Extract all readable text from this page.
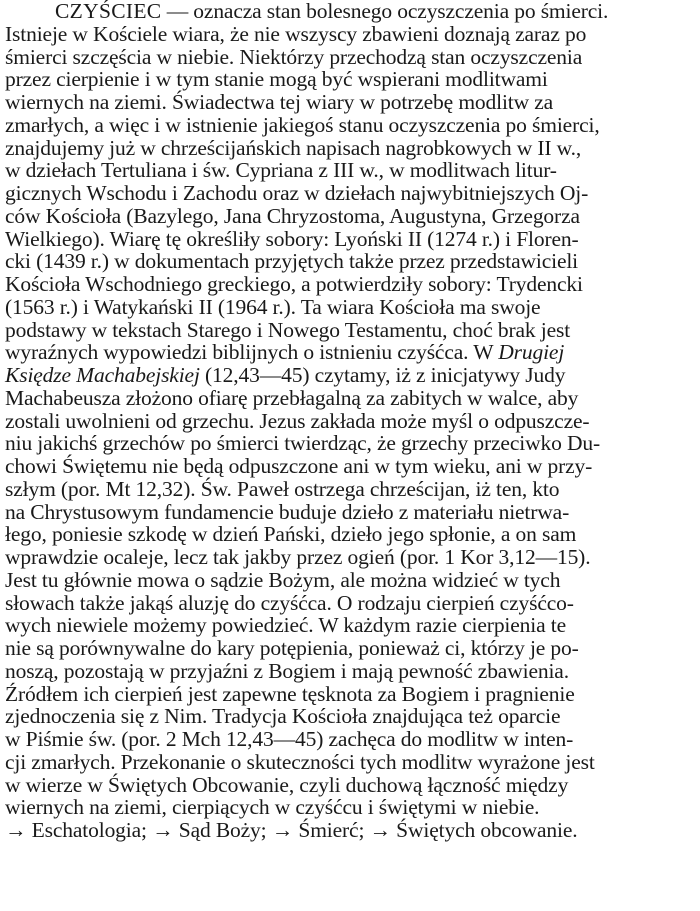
CZYŚCIEC — oznacza stan bolesnego oczyszczenia po śmierci.
Istnieje w Kościele wiara, że nie wszyscy zbawieni doznają zaraz po
śmierci szczęścia w niebie. Niektórzy przechodzą stan oczyszczenia
przez cierpienie i w tym stanie mogą być wspierani modlitwami
wiernych na ziemi. Świadectwa tej wiary w potrzebę modlitw za
zmarłych, a więc i w istnienie jakiegoś stanu oczyszczenia po śmierci,
znajdujemy już w chrześcijańskich napisach nagrobkowych w II w.,
w dziełach Tertuliana i św. Cypriana z III w., w modlitwach litur-
gicznych Wschodu i Zachodu oraz w dziełach najwybitniejszych Oj-
ców Kościoła (Bazylego, Jana Chryzostoma, Augustyna, Grzegorza
Wielkiego). Wiarę tę określiły sobory: Lyoński II (1274 r.) i Floren-
cki (1439 r.) w dokumentach przyjętych także przez przedstawicieli
Kościoła Wschodniego greckiego, a potwierdziły sobory: Trydencki
(1563 r.) i Watykański II (1964 r.). Ta wiara Kościoła ma swoje
podstawy w tekstach Starego i Nowego Testamentu, choć brak jest
wyraźnych wypowiedzi biblijnych o istnieniu czyśćca. W Drugiej
Księdze Machabejskiej (12,43—45) czytamy, iż z inicjatywy Judy
Machabeusza złożono ofiarę przebłagalną za zabitych w walce, aby
zostali uwolnieni od grzechu. Jezus zakłada może myśl o odpuszcze-
niu jakichś grzechów po śmierci twierdząc, że grzechy przeciwko Du-
chowi Świętemu nie będą odpuszczone ani w tym wieku, ani w przy-
szłym (por. Mt 12,32). Św. Paweł ostrzega chrześcijan, iż ten, kto
na Chrystusowym fundamencie buduje dzieło z materiału nietrwa-
łego, poniesie szkodę w dzień Pański, dzieło jego spłonie, a on sam
wprawdzie ocaleje, lecz tak jakby przez ogień (por. 1 Kor 3,12—15).
Jest tu głównie mowa o sądzie Bożym, ale można widzieć w tych
słowach także jakąś aluzję do czyśćca. O rodzaju cierpień czyśćco-
wych niewiele możemy powiedzieć. W każdym razie cierpienia te
nie są porównywalne do kary potępienia, ponieważ ci, którzy je po-
noszą, pozostają w przyjaźni z Bogiem i mają pewność zbawienia.
Źródłem ich cierpień jest zapewne tęsknota za Bogiem i pragnienie
zjednoczenia się z Nim. Tradycja Kościoła znajdująca też oparcie
w Piśmie św. (por. 2 Mch 12,43—45) zachęca do modlitw w inten-
cji zmarłych. Przekonanie o skuteczności tych modlitw wyrażone jest
w wierze w Świętych Obcowanie, czyli duchową łączność między
wiernych na ziemi, cierpiących w czyśćcu i świętymi w niebie.
→ Eschatologia; → Sąd Boży; → Śmierć; → Świętych obcowanie.
